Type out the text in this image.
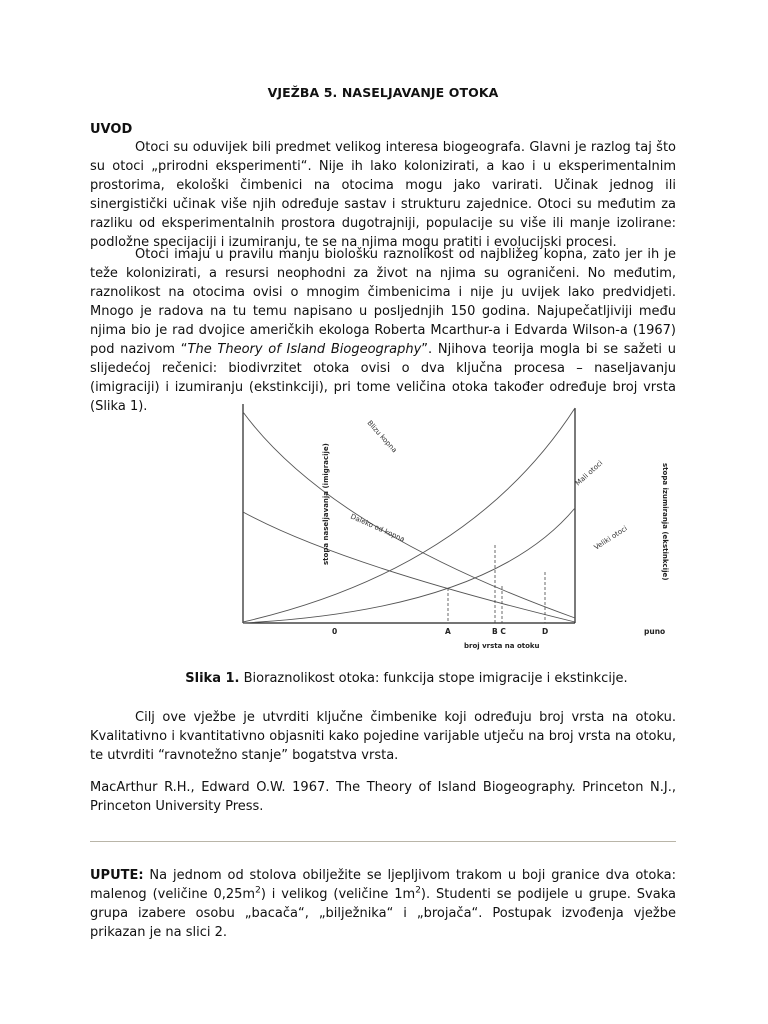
VJEŽBA 5. NASELJAVANJE OTOKA
UVOD
Otoci su oduvijek bili predmet velikog interesa biogeografa. Glavni je razlog taj što su otoci „prirodni eksperimenti“. Nije ih lako kolonizirati, a kao i u eksperimentalnim prostorima, ekološki čimbenici na otocima mogu jako varirati. Učinak jednog ili sinergistički učinak više njih određuje sastav i strukturu zajednice. Otoci su međutim za razliku od eksperimentalnih prostora dugotrajniji, populacije su više ili manje izolirane: podložne specijaciji i izumiranju, te se na njima mogu pratiti i evolucijski procesi.
Otoci imaju u pravilu manju biološku raznolikost od najbližeg kopna, zato jer ih je teže kolonizirati, a resursi neophodni za život na njima su ograničeni. No međutim, raznolikost na otocima ovisi o mnogim čimbenicima i nije ju uvijek lako predvidjeti. Mnogo je radova na tu temu napisano u posljednjih 150 godina. Najupečatljiviji među njima bio je rad dvojice američkih ekologa Roberta Mcarthur-a i Edvarda Wilson-a (1967) pod nazivom “The Theory of Island Biogeography”. Njihova teorija mogla bi se sažeti u slijedećoj rečenici: biodivrzitet otoka ovisi o dva ključna procesa – naseljavanju (imigraciji) i izumiranju (ekstinkciji), pri tome veličina otoka također određuje broj vrsta (Slika 1).
stopa naseljavanja (imigracije)	stopa izumiranja (ekstinkcije)
broj vrsta na otoku
0	A	B C	D	puno
Blizu kopna
Daleko od kopna
Mali otoci
Veliki otoci
Slika 1. Bioraznolikost otoka: funkcija stope imigracije i ekstinkcije.
Cilj ove vježbe je utvrditi ključne čimbenike koji određuju broj vrsta na otoku. Kvalitativno i kvantitativno objasniti kako pojedine varijable utječu na broj vrsta na otoku, te utvrditi “ravnotežno stanje” bogatstva vrsta.
MacArthur R.H., Edward O.W. 1967. The Theory of Island Biogeography. Princeton N.J., Princeton University Press.
UPUTE: Na jednom od stolova obilježite se ljepljivom trakom u boji granice dva otoka: malenog (veličine $0,25m^2$) i velikog (veličine $1m^2$). Studenti se podijele u grupe. Svaka grupa izabere osobu „bacača“, „bilježnika“ i „brojača“. Postupak izvođenja vježbe prikazan je na slici 2.
